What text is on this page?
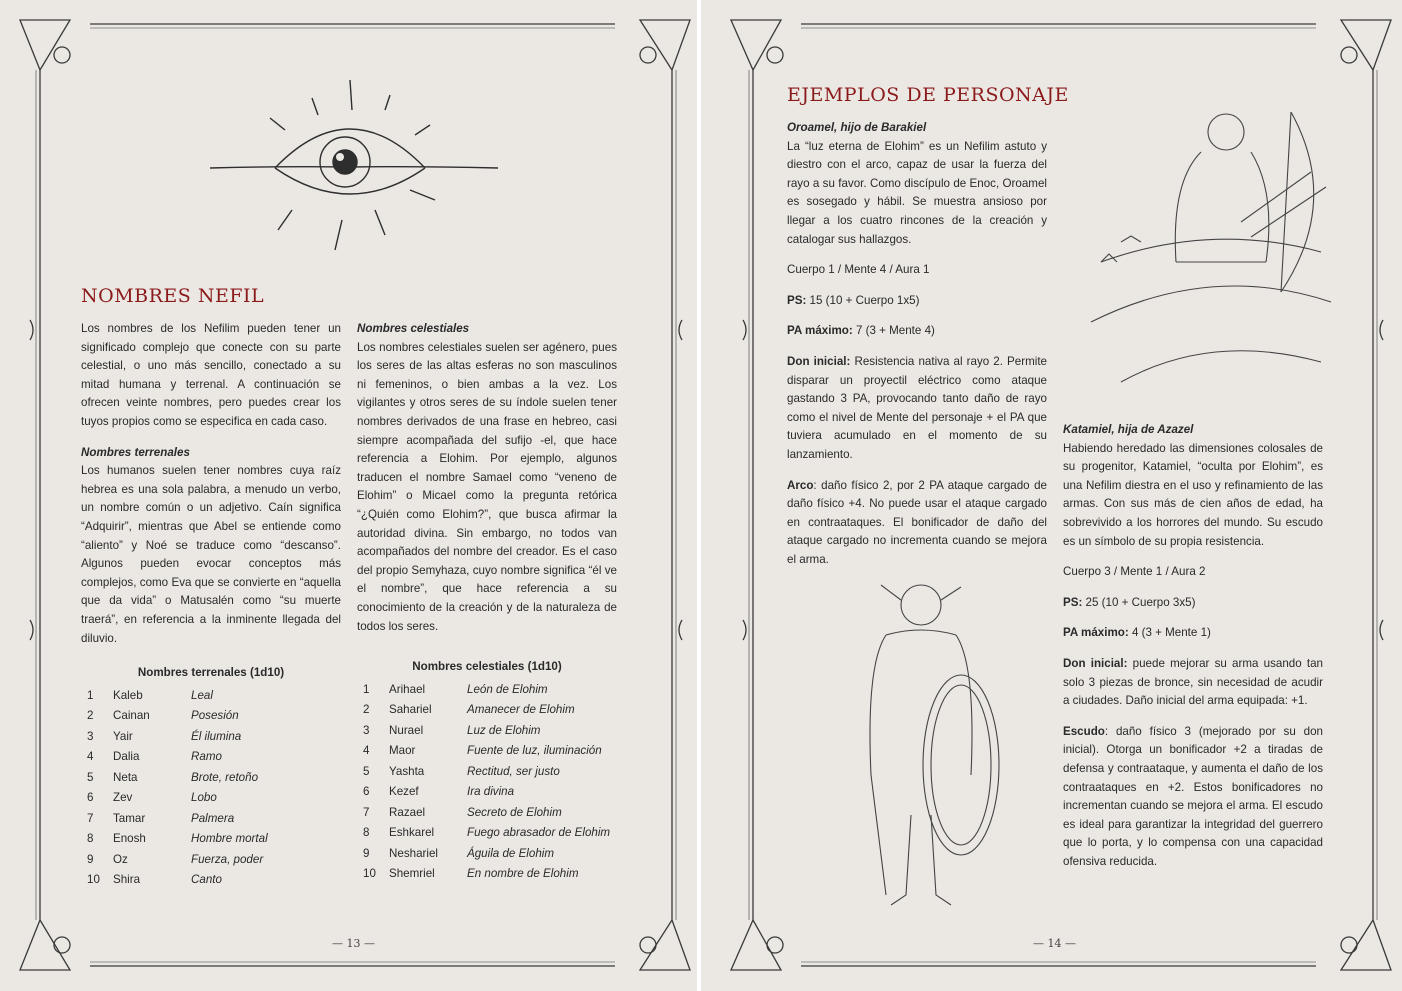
NOMBRES NEFIL

Los nombres de los Nefilim pueden tener un significado complejo que conecte con su parte celestial, o uno más sencillo, conectado a su mitad humana y terrenal. A continuación se ofrecen veinte nombres, pero puedes crear los tuyos propios como se especifica en cada caso.

Nombres terrenales

Los humanos suelen tener nombres cuya raíz hebrea es una sola palabra, a menudo un verbo, un nombre común o un adjetivo. Caín significa “Adquirir”, mientras que Abel se entiende como “aliento” y Noé se traduce como “descanso”. Algunos pueden evocar conceptos más complejos, como Eva que se convierte en “aquella que da vida” o Matusalén como “su muerte traerá”, en referencia a la inminente llegada del diluvio.

Nombres celestiales

Los nombres celestiales suelen ser agénero, pues los seres de las altas esferas no son masculinos ni femeninos, o bien ambas a la vez. Los vigilantes y otros seres de su índole suelen tener nombres derivados de una frase en hebreo, casi siempre acompañada del sufijo -el, que hace referencia a Elohim. Por ejemplo, algunos traducen el nombre Samael como “veneno de Elohim” o Micael como la pregunta retórica “¿Quién como Elohim?”, que busca afirmar la autoridad divina. Sin embargo, no todos van acompañados del nombre del creador. Es el caso del propio Semyhaza, cuyo nombre significa “él ve el nombre”, que hace referencia a su conocimiento de la creación y de la naturaleza de todos los seres.

Nombres terrenales (1d10)
1	Kaleb	Leal
2	Cainan	Posesión
3	Yair	Él ilumina
4	Dalia	Ramo
5	Neta	Brote, retoño
6	Zev	Lobo
7	Tamar	Palmera
8	Enosh	Hombre mortal
9	Oz	Fuerza, poder
10	Shira	Canto
Nombres celestiales (1d10)
1	Arihael	León de Elohim
2	Sahariel	Amanecer de Elohim
3	Nurael	Luz de Elohim
4	Maor	Fuente de luz, iluminación
5	Yashta	Rectitud, ser justo
6	Kezef	Ira divina
7	Razael	Secreto de Elohim
8	Eshkarel	Fuego abrasador de Elohim
9	Neshariel	Águila de Elohim
10	Shemriel	En nombre de Elohim
— 13 —
EJEMPLOS DE PERSONAJE
Oroamel, hijo de Barakiel

La “luz eterna de Elohim” es un Nefilim astuto y diestro con el arco, capaz de usar la fuerza del rayo a su favor. Como discípulo de Enoc, Oroamel es sosegado y hábil. Se muestra ansioso por llegar a los cuatro rincones de la creación y catalogar sus hallazgos.

Cuerpo 1 / Mente 4 / Aura 1

PS: 15 (10 + Cuerpo 1x5)

PA máximo: 7 (3 + Mente 4)

Don inicial: Resistencia nativa al rayo 2. Permite disparar un proyectil eléctrico como ataque gastando 3 PA, provocando tanto daño de rayo como el nivel de Mente del personaje + el PA que tuviera acumulado en el momento de su lanzamiento.

Arco: daño físico 2, por 2 PA ataque cargado de daño físico +4. No puede usar el ataque cargado en contraataques. El bonificador de daño del ataque cargado no incrementa cuando se mejora el arma.

Katamiel, hija de Azazel

Habiendo heredado las dimensiones colosales de su progenitor, Katamiel, “oculta por Elohim”, es una Nefilim diestra en el uso y refinamiento de las armas. Con sus más de cien años de edad, ha sobrevivido a los horrores del mundo. Su escudo es un símbolo de su propia resistencia.

Cuerpo 3 / Mente 1 / Aura 2

PS: 25 (10 + Cuerpo 3x5)

PA máximo: 4 (3 + Mente 1)

Don inicial: puede mejorar su arma usando tan solo 3 piezas de bronce, sin necesidad de acudir a ciudades. Daño inicial del arma equipada: +1.

Escudo: daño físico 3 (mejorado por su don inicial). Otorga un bonificador +2 a tiradas de defensa y contraataque, y aumenta el daño de los contraataques en +2. Estos bonificadores no incrementan cuando se mejora el arma. El escudo es ideal para garantizar la integridad del guerrero que lo porta, y lo compensa con una capacidad ofensiva reducida.

— 14 —
